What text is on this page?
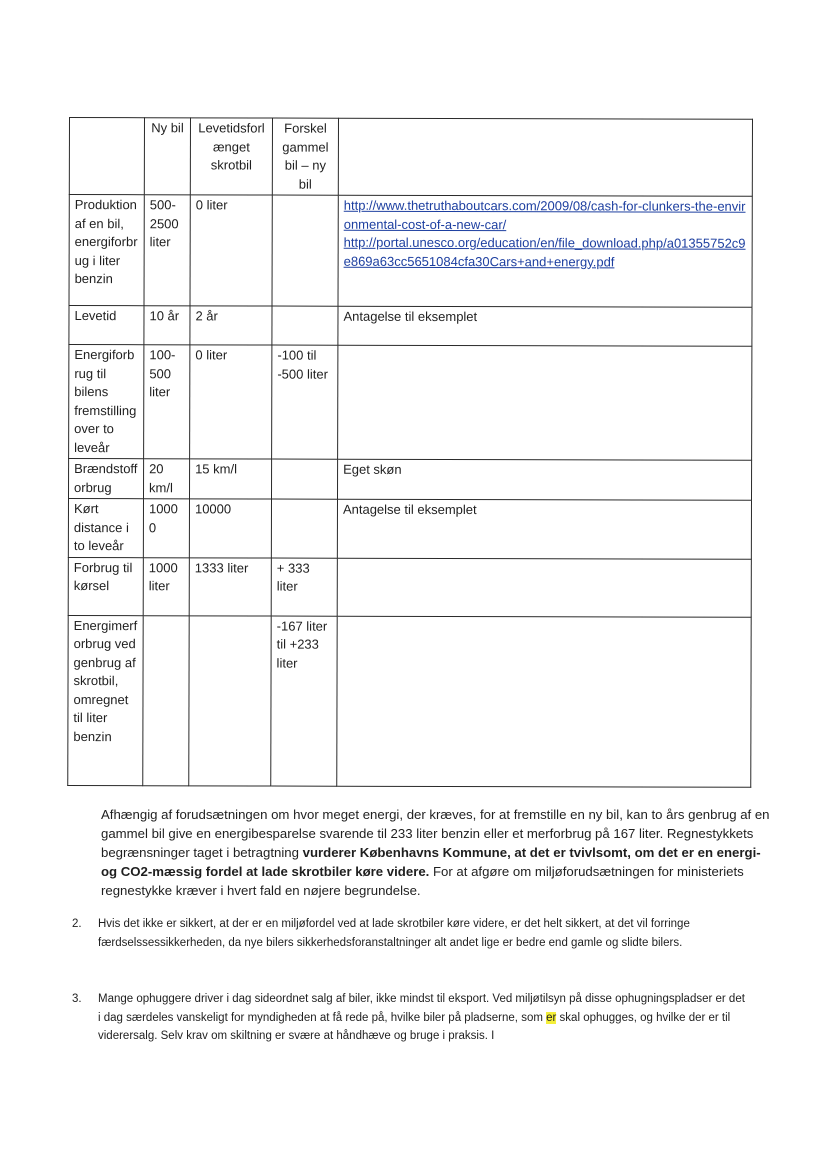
	Ny bil	Levetidsforlænget skrotbil	Forskel gammel bil – ny bil	
Produktion af en bil, energiforbrug i liter benzin	500-2500 liter	0 liter		http://www.thetruthaboutcars.com/2009/08/cash-for-clunkers-the-environmental-cost-of-a-new-car/
http://portal.unesco.org/education/en/file_download.php/a01355752c9e869a63cc5651084cfa30Cars+and+energy.pdf

Levetid	10 år	2 år		Antagelse til eksemplet
Energiforbrug til bilens fremstilling over to leveår	100-500 liter	0 liter	-100 til -500 liter	
Brændstofforbrug	20 km/l	15 km/l		Eget skøn
Kørt distance i to leveår	10000	10000		Antagelse til eksemplet
Forbrug til kørsel	1000 liter	1333 liter	+ 333 liter	
Energimerforbrug ved genbrug af skrotbil, omregnet til liter benzin			-167 liter til +233 liter	
Afhængig af forudsætningen om hvor meget energi, der kræves, for at fremstille en ny bil, kan to års genbrug af en gammel bil give en energibesparelse svarende til 233 liter benzin eller et merforbrug på 167 liter. Regnestykkets begrænsninger taget i betragtning vurderer Københavns Kommune, at det er tvivlsomt, om det er en energi- og CO2-mæssig fordel at lade skrotbiler køre videre. For at afgøre om miljøforudsætningen for ministeriets regnestykke kræver i hvert fald en nøjere begrundelse.
2. Hvis det ikke er sikkert, at der er en miljøfordel ved at lade skrotbiler køre videre, er det helt sikkert, at det vil forringe færdselssessikkerheden, da nye bilers sikkerhedsforanstaltninger alt andet lige er bedre end gamle og slidte bilers.
3. Mange ophuggere driver i dag sideordnet salg af biler, ikke mindst til eksport. Ved miljøtilsyn på disse ophugningspladser er det i dag særdeles vanskeligt for myndigheden at få rede på, hvilke biler på pladserne, som er skal ophugges, og hvilke der er til viderersalg. Selv krav om skiltning er svære at håndhæve og bruge i praksis. I
